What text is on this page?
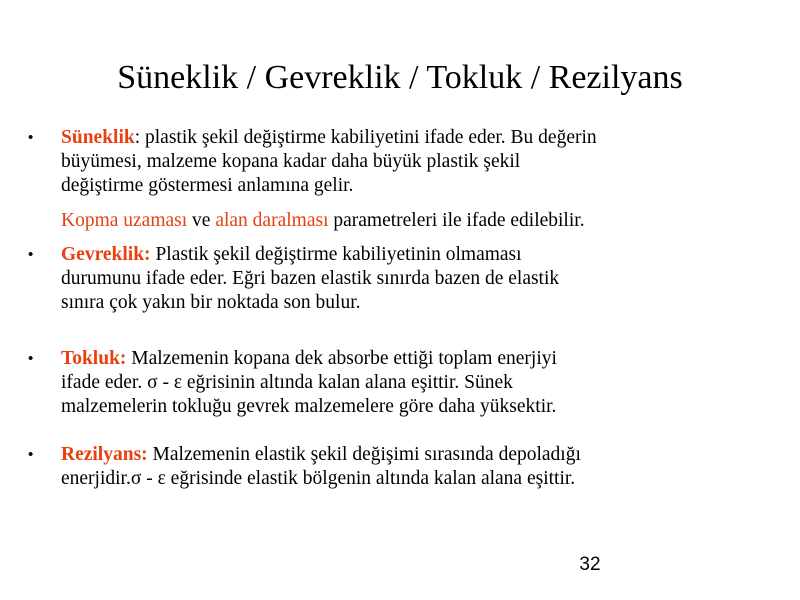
Süneklik / Gevreklik / Tokluk / Rezilyans
•	Süneklik: plastik şekil değiştirme kabiliyetini ifade eder. Bu değerin
büyümesi, malzeme kopana kadar daha büyük plastik şekil
değiştirme göstermesi anlamına gelir.
Kopma uzaması ve alan daralması parametreleri ile ifade edilebilir.
•	Gevreklik: Plastik şekil değiştirme kabiliyetinin olmaması
durumunu ifade eder. Eğri bazen elastik sınırda bazen de elastik
sınıra çok yakın bir noktada son bulur.
•	Tokluk: Malzemenin kopana dek absorbe ettiği toplam enerjiyi
ifade eder. σ - ε eğrisinin altında kalan alana eşittir. Sünek
malzemelerin tokluğu gevrek malzemelere göre daha yüksektir.
•	Rezilyans: Malzemenin elastik şekil değişimi sırasında depoladığı
enerjidir.σ - ε eğrisinde elastik bölgenin altında kalan alana eşittir.
32
